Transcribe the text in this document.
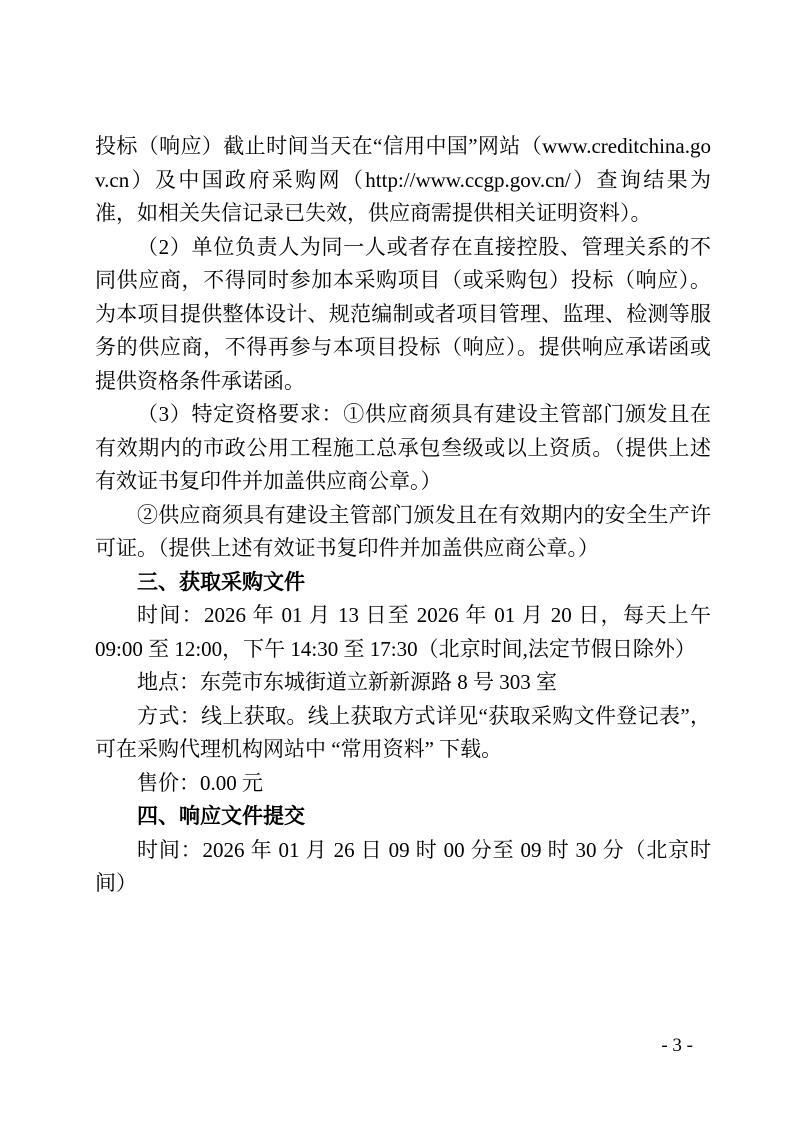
投标（响应）截止时间当天在“信用中国”网站（www.creditchina.gov.cn）及中国政府采购网（http://www.ccgp.gov.cn/）查询结果为准，如相关失信记录已失效，供应商需提供相关证明资料）。

（2）单位负责人为同一人或者存在直接控股、管理关系的不同供应商，不得同时参加本采购项目（或采购包）投标（响应）。为本项目提供整体设计、规范编制或者项目管理、监理、检测等服务的供应商，不得再参与本项目投标（响应）。提供响应承诺函或提供资格条件承诺函。

（3）特定资格要求：①供应商须具有建设主管部门颁发且在有效期内的市政公用工程施工总承包叁级或以上资质。（提供上述有效证书复印件并加盖供应商公章。）

②供应商须具有建设主管部门颁发且在有效期内的安全生产许可证。（提供上述有效证书复印件并加盖供应商公章。）

三、获取采购文件

时间：2026 年 01 月 13 日至 2026 年 01 月 20 日，每天上午 09:00 至 12:00，下午 14:30 至 17:30（北京时间,法定节假日除外）

地点：东莞市东城街道立新新源路 8 号 303 室

方式：线上获取。线上获取方式详见“获取采购文件登记表”，可在采购代理机构网站中 “常用资料” 下载。

售价：0.00 元

四、响应文件提交

时间：2026 年 01 月 26 日 09 时 00 分至 09 时 30 分（北京时间）

- 3 -
